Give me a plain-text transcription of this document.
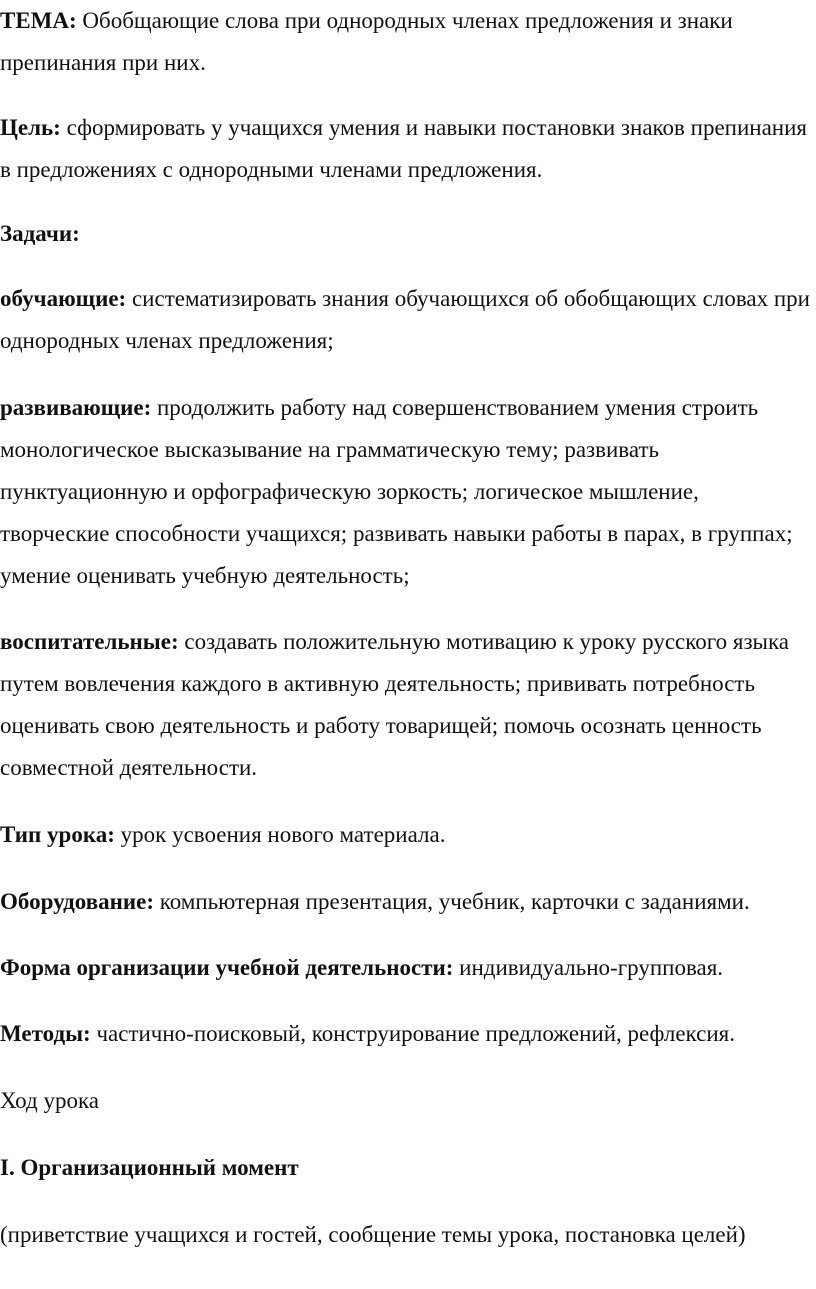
ТЕМА: Обобщающие слова при однородных членах предложения и знаки препинания при них.

Цель: сформировать у учащихся умения и навыки постановки знаков препинания в предложениях с однородными членами предложения.

Задачи:

обучающие: систематизировать знания обучающихся об обобщающих словах при однородных членах предложения;

развивающие: продолжить работу над совершенствованием умения строить монологическое высказывание на грамматическую тему; развивать пунктуационную и орфографическую зоркость; логическое мышление, творческие способности учащихся; развивать навыки работы в парах, в группах; умение оценивать учебную деятельность;

воспитательные: создавать положительную мотивацию к уроку русского языка путем вовлечения каждого в активную деятельность; прививать потребность оценивать свою деятельность и работу товарищей; помочь осознать ценность совместной деятельности.

Тип урока: урок усвоения нового материала.

Оборудование: компьютерная презентация, учебник, карточки с заданиями.

Форма организации учебной деятельности: индивидуально-групповая.

Методы: частично-поисковый, конструирование предложений, рефлексия.

Ход урока

I. Организационный момент

(приветствие учащихся и гостей, сообщение темы урока, постановка целей)
